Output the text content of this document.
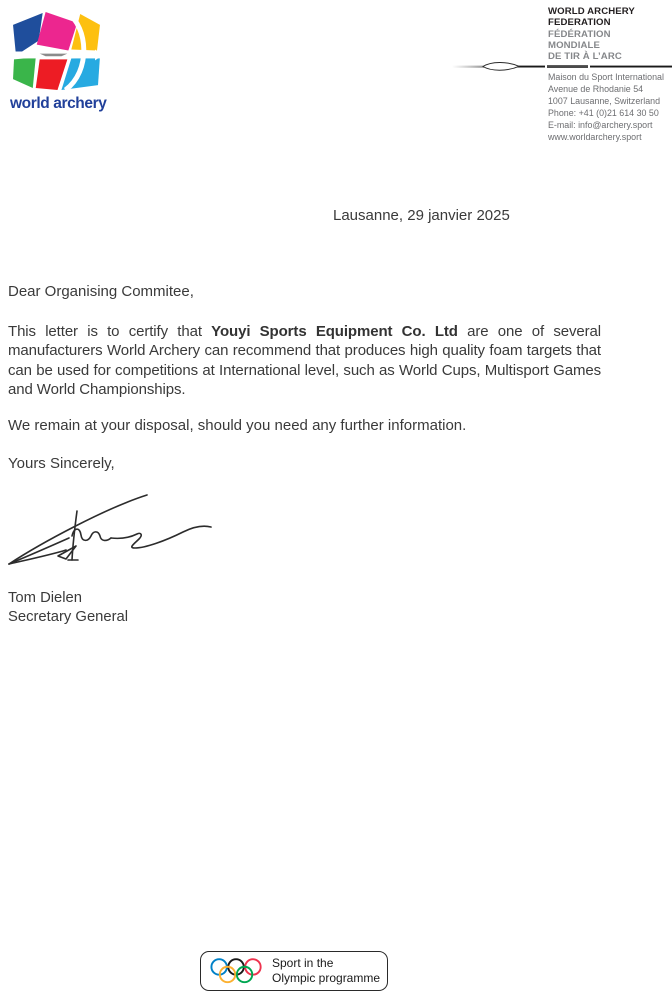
world archery
WORLD ARCHERY
FEDERATION
FÉDÉRATION
MONDIALE
DE TIR À L’ARC
Maison du Sport International
Avenue de Rhodanie 54
1007 Lausanne, Switzerland
Phone: +41 (0)21 614 30 50
E-mail: info@archery.sport
www.worldarchery.sport
Lausanne, 29 janvier 2025
Dear Organising Commitee,
This letter is to certify that Youyi Sports Equipment Co. Ltd are one of several manufacturers World Archery can recommend that produces high quality foam targets that can be used for competitions at International level, such as World Cups, Multisport Games and World Championships.
We remain at your disposal, should you need any further information.
Yours Sincerely,
Tom Dielen
Secretary General
Sport in the
Olympic programme
